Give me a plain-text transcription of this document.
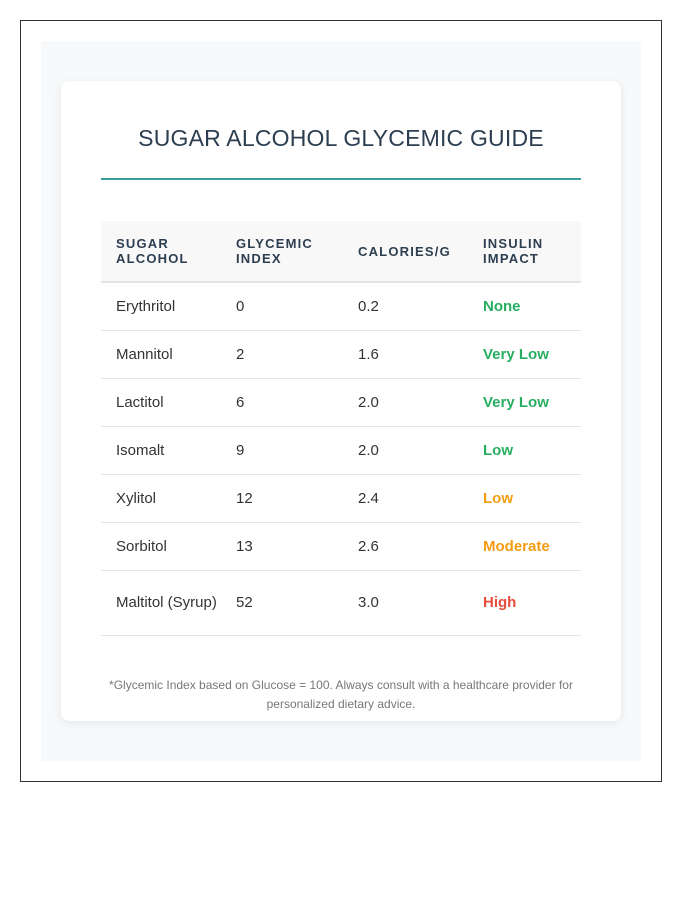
SUGAR ALCOHOL GLYCEMIC GUIDE
SUGAR ALCOHOL	GLYCEMIC INDEX	CALORIES/G	INSULIN IMPACT
Erythritol	0	0.2	None
Mannitol	2	1.6	Very Low
Lactitol	6	2.0	Very Low
Isomalt	9	2.0	Low
Xylitol	12	2.4	Low
Sorbitol	13	2.6	Moderate
Maltitol (Syrup)	52	3.0	High

*Glycemic Index based on Glucose = 100. Always consult with a healthcare provider for personalized dietary advice.
